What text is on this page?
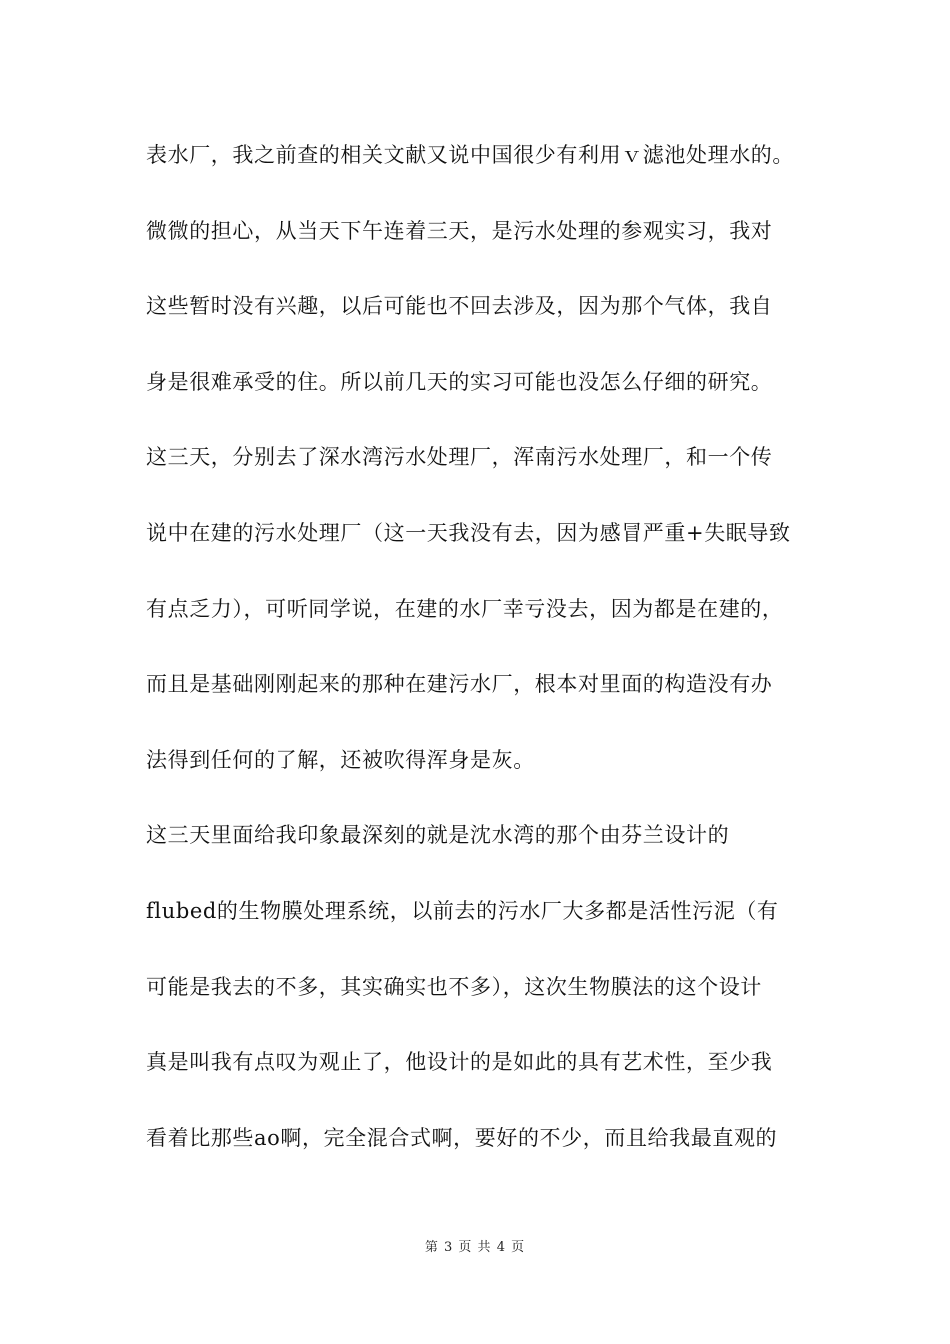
表水厂，我之前查的相关文献又说中国很少有利用ｖ滤池处理水的。
微微的担心，从当天下午连着三天，是污水处理的参观实习，我对
这些暂时没有兴趣，以后可能也不回去涉及，因为那个气体，我自
身是很难承受的住。所以前几天的实习可能也没怎么仔细的研究。
这三天，分别去了深水湾污水处理厂，浑南污水处理厂，和一个传
说中在建的污水处理厂（这一天我没有去，因为感冒严重+失眠导致
有点乏力），可听同学说，在建的水厂幸亏没去，因为都是在建的，
而且是基础刚刚起来的那种在建污水厂，根本对里面的构造没有办
法得到任何的了解，还被吹得浑身是灰。
这三天里面给我印象最深刻的就是沈水湾的那个由芬兰设计的
flubed的生物膜处理系统，以前去的污水厂大多都是活性污泥（有
可能是我去的不多，其实确实也不多），这次生物膜法的这个设计
真是叫我有点叹为观止了，他设计的是如此的具有艺术性，至少我
看着比那些ao啊，完全混合式啊，要好的不少，而且给我最直观的
第 3 页 共 4 页
